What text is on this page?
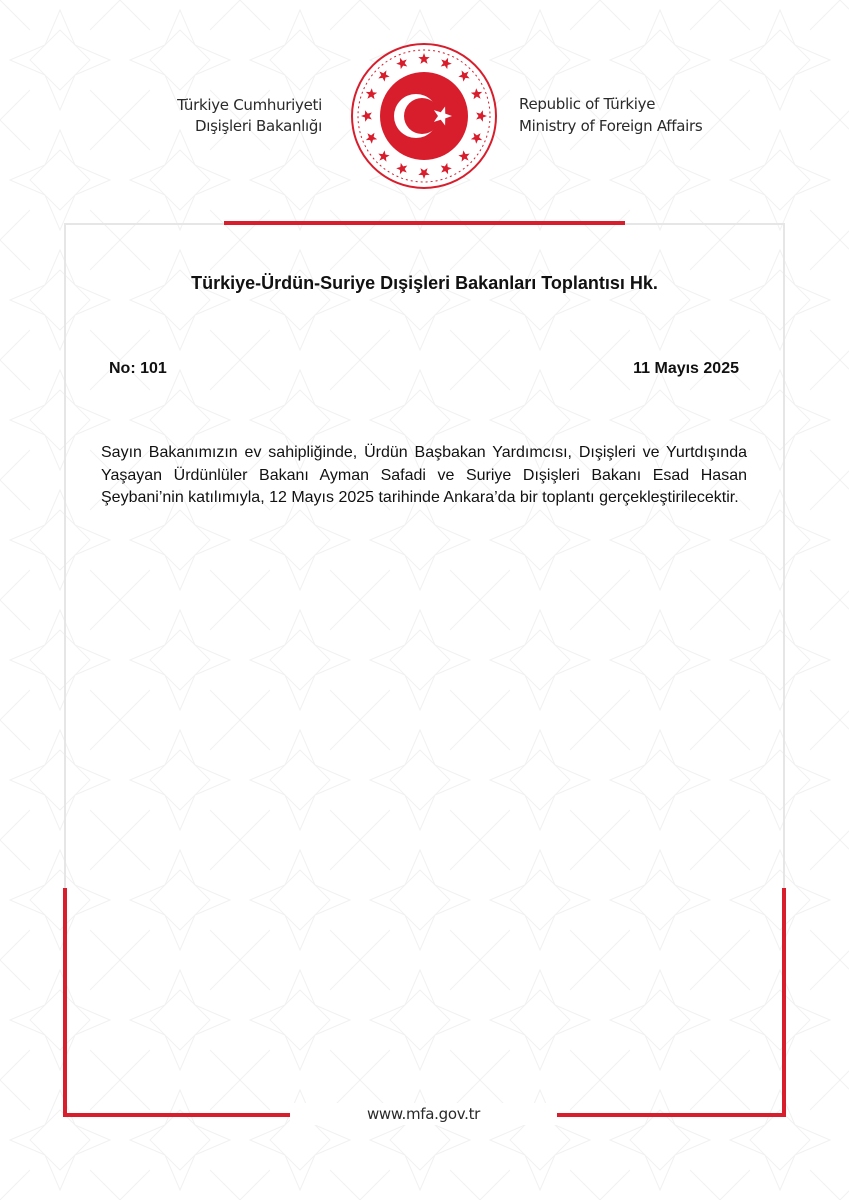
Türkiye Cumhuriyeti
Dışişleri Bakanlığı
Republic of Türkiye
Ministry of Foreign Affairs
Türkiye-Ürdün-Suriye Dışişleri Bakanları Toplantısı Hk.
No: 101	11 Mayıs 2025
Sayın Bakanımızın ev sahipliğinde, Ürdün Başbakan Yardımcısı, Dışişleri ve Yurtdışında Yaşayan Ürdünlüler Bakanı Ayman Safadi ve Suriye Dışişleri Bakanı Esad Hasan Şeybani’nin katılımıyla, 12 Mayıs 2025 tarihinde Ankara’da bir toplantı gerçekleştirilecektir.
www.mfa.gov.tr
